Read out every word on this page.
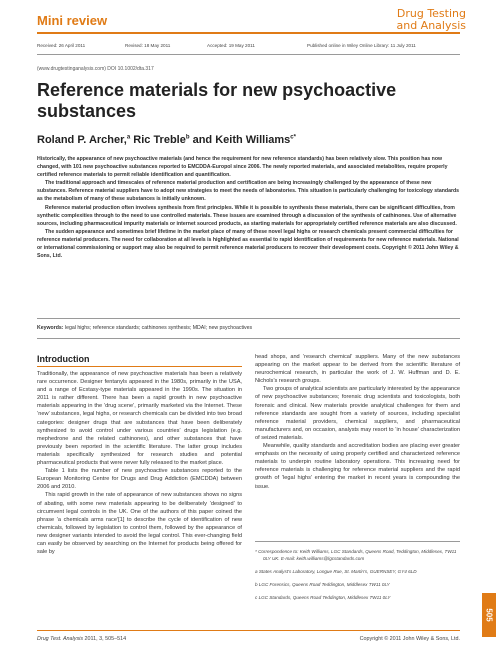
Mini review	Drug Testing
and Analysis
Received: 26 April 2011	Revised: 18 May 2011	Accepted: 19 May 2011	Published online in Wiley Online Library: 11 July 2011
(www.drugtestinganalysis.com) DOI 10.1002/dta.317
Reference materials for new psychoactive substances
Roland P. Archer,$^a$ Ric Treble$^b$ and Keith Williams$^{c*}$

Historically, the appearance of new psychoactive materials (and hence the requirement for new reference standards) has been relatively slow. This position has now changed, with 101 new psychoactive substances reported to EMCDDA-Europol since 2006. The newly reported materials, and associated metabolites, require properly certified reference materials to permit reliable identification and quantification.

The traditional approach and timescales of reference material production and certification are being increasingly challenged by the appearance of these new substances. Reference material suppliers have to adopt new strategies to meet the needs of laboratories. This situation is particularly challenging for toxicology standards as the metabolism of many of these substances is initially unknown.

Reference material production often involves synthesis from first principles. While it is possible to synthesis these materials, there can be significant difficulties, from synthetic complexities through to the need to use controlled materials. These issues are examined through a discussion of the synthesis of cathinones. Use of alternative sources, including pharmaceutical impurity materials or internet sourced products, as starting materials for appropriately certified reference materials are also discussed.

The sudden appearance and sometimes brief lifetime in the market place of many of these novel legal highs or research chemicals present commercial difficulties for reference material producers. The need for collaboration at all levels is highlighted as essential to rapid identification of requirements for new reference materials. National or international commissioning or support may also be required to permit reference material producers to recover their development costs. Copyright © 2011 John Wiley & Sons, Ltd.

Keywords: legal highs; reference standards; cathinones synthesis; MDAI; new psychoactives
Introduction

Traditionally, the appearance of new psychoactive materials has been a relatively rare occurrence. Designer fentanyls appeared in the 1980s, primarily in the USA, and a range of Ecstasy-type materials appeared in the 1990s. The situation in 2011 is rather different. There has been a rapid growth in new psychoactive materials appearing in the ‘drug scene’, primarily marketed via the Internet. These ‘new’ substances, legal highs, or research chemicals can be divided into two broad categories: designer drugs that are substances that have been deliberately synthesized to avoid control under various countries’ drugs legislation (e.g. mephedrone and the related cathinones), and other substances that have previously been reported in the scientific literature. The latter group includes materials specifically synthesized for research studies and potential pharmaceutical products that were never fully released to the market place.

Table 1 lists the number of new psychoactive substances reported to the European Monitoring Centre for Drugs and Drug Addiction (EMCDDA) between 2006 and 2010.

This rapid growth in the rate of appearance of new substances shows no signs of abating, with some new materials appearing to be deliberately ‘designed’ to circumvent legal controls in the UK. One of the authors of this paper coined the phrase ‘a chemicals arms race’[1] to describe the cycle of identification of new chemicals, followed by legislation to control them, followed by the appearance of new designer variants intended to avoid the legal control. This ever-changing field can easily be observed by searching on the Internet for products being offered for sale by

head shops, and ‘research chemical’ suppliers. Many of the new substances appearing on the market appear to be derived from the scientific literature of neurochemical research, in particular the work of J. W. Huffman and D. E. Nichols’s research groups.

Two groups of analytical scientists are particularly interested by the appearance of new psychoactive substances; forensic drug scientists and toxicologists, both forensic and clinical. New materials provide analytical challenges for them and reference standards are sought from a variety of sources, including specialist reference material providers, chemical suppliers, and pharmaceutical manufacturers and, on occasion, analysts may resort to ‘in house’ characterization of seized materials.

Meanwhile, quality standards and accreditation bodies are placing ever greater emphasis on the necessity of using properly certified and characterized reference materials to underpin routine laboratory operations. This increasing need for reference materials is challenging for reference material suppliers and the rapid growth of ‘legal highs’ entering the market in recent years is compounding the issue.

* Correspondence to: Keith Williams, LGC Standards, Queens Road, Teddington, Middlesex, TW11 0LY UK. E-mail: keith.williams@lgcstandards.com

a States Analyst’s Laboratory, Longue Rue, St. Martin’s, GUERNSEY, GY4 6LD

b LGC Forensics, Queens Road Teddington, Middlesex TW11 0LY

c LGC Standards, Queens Road Teddington, Middlesex TW11 0LY

Drug Test. Analysis 2011, 3, 505–514	Copyright © 2011 John Wiley & Sons, Ltd.
505
